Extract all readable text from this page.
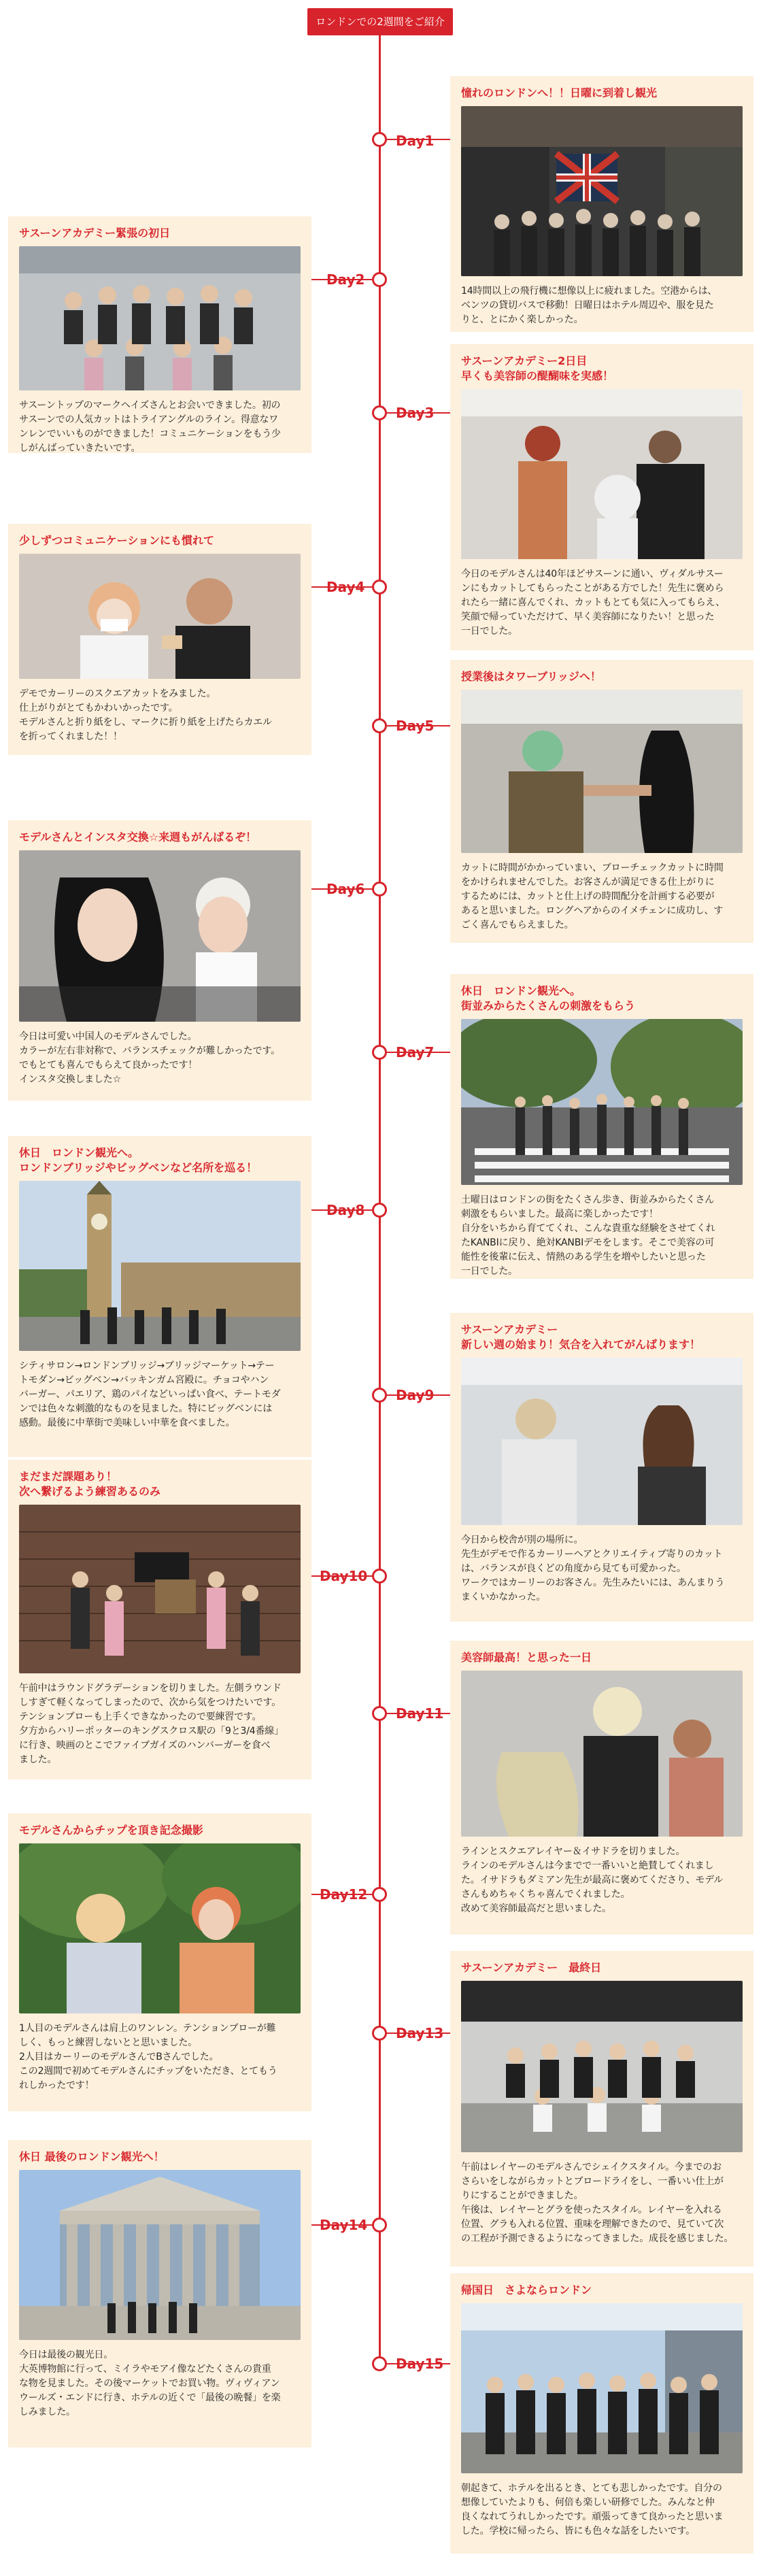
ロンドンでの2週間をご紹介
Day1
憧れのロンドンへ！！日曜に到着し観光
14時間以上の飛行機に想像以上に疲れました。空港からは、
ベンツの貸切バスで移動！日曜日はホテル周辺や、服を見た
りと、とにかく楽しかった。
Day2
サスーンアカデミー緊張の初日
サスーントップのマークヘイズさんとお会いできました。初の
サスーンでの人気カットはトライアングルのライン。得意なワ
ンレンでいいものができました！コミュニケーションをもう少
しがんばっていきたいです。
Day3
サスーンアカデミー2日目
早くも美容師の醍醐味を実感！
今日のモデルさんは40年ほどサスーンに通い、ヴィダルサスー
ンにもカットしてもらったことがある方でした！先生に褒めら
れたら一緒に喜んでくれ、カットもとても気に入ってもらえ、
笑顔で帰っていただけて、早く美容師になりたい！と思った
一日でした。
Day4
少しずつコミュニケーションにも慣れて
デモでカーリーのスクエアカットをみました。
仕上がりがとてもかわいかったです。
モデルさんと折り紙をし、マークに折り紙を上げたらカエル
を折ってくれました！！
Day5
授業後はタワーブリッジへ！
カットに時間がかかっていまい、ブローチェックカットに時間
をかけられませんでした。お客さんが満足できる仕上がりに
するためには、カットと仕上げの時間配分を計画する必要が
あると思いました。ロングヘアからのイメチェンに成功し、す
ごく喜んでもらえました。
Day6
モデルさんとインスタ交換☆来週もがんばるぞ！
今日は可愛い中国人のモデルさんでした。
カラーが左右非対称で、バランスチェックが難しかったです。
でもとても喜んでもらえて良かったです！
インスタ交換しました☆
Day7
休日　ロンドン観光へ。
街並みからたくさんの刺激をもらう
土曜日はロンドンの街をたくさん歩き、街並みからたくさん
刺激をもらいました。最高に楽しかったです！
自分をいちから育ててくれ、こんな貴重な経験をさせてくれ
たKANBIに戻り、絶対KANBIデモをします。そこで美容の可
能性を後輩に伝え、情熱のある学生を増やしたいと思った
一日でした。
Day8
休日　ロンドン観光へ。
ロンドンブリッジやビッグベンなど名所を巡る！
シティサロン→ロンドンブリッジ→ブリッジマーケット→テー
トモダン→ビッグベン→バッキンガム宮殿に。チョコやハン
バーガー、パエリア、鶏のパイなどいっぱい食べ、テートモダ
ンでは色々な刺激的なものを見ました。特にビッグベンには
感動。最後に中華街で美味しい中華を食べました。
Day9
サスーンアカデミー
新しい週の始まり！気合を入れてがんばります！
今日から校舎が別の場所に。
先生がデモで作るカーリーヘアとクリエイティブ寄りのカット
は、バランスが良くどの角度から見ても可愛かった。
ワークではカーリーのお客さん。先生みたいには、あんまりう
まくいかなかった。
Day10
まだまだ課題あり！
次へ繋げるよう練習あるのみ
午前中はラウンドグラデーションを切りました。左側ラウンド
しすぎて軽くなってしまったので、次から気をつけたいです。
テンションブローも上手くできなかったので要練習です。
夕方からハリーポッターのキングスクロス駅の「9と3/4番線」
に行き、映画のとこでファイブガイズのハンバーガーを食べ
ました。
Day11
美容師最高！と思った一日
ラインとスクエアレイヤー＆イサドラを切りました。
ラインのモデルさんは今までで一番いいと絶賛してくれまし
た。イサドラもダミアン先生が最高に褒めてくださり、モデル
さんもめちゃくちゃ喜んでくれました。
改めて美容師最高だと思いました。
Day12
モデルさんからチップを頂き記念撮影
1人目のモデルさんは肩上のワンレン。テンションブローが難
しく、もっと練習しないとと思いました。
2人目はカーリーのモデルさんでBさんでした。
この2週間で初めてモデルさんにチップをいただき、とてもう
れしかったです！
Day13
サスーンアカデミー　最終日
午前はレイヤーのモデルさんでシェイクスタイル。今までのお
さらいをしながらカットとブロードライをし、一番いい仕上が
りにすることができました。
午後は、レイヤーとグラを使ったスタイル。レイヤーを入れる
位置、グラも入れる位置、重味を理解できたので、見ていて次
の工程が予測できるようになってきました。成長を感じました。
Day14
休日 最後のロンドン観光へ！
今日は最後の観光日。
大英博物館に行って、ミイラやモアイ像などたくさんの貴重
な物を見ました。その後マーケットでお買い物。ヴィヴィアン
ウールズ・エンドに行き、ホテルの近くで「最後の晩餐」を楽
しみました。
Day15
帰国日　さよならロンドン
朝起きて、ホテルを出るとき、とても悲しかったです。自分の
想像していたよりも、何倍も楽しい研修でした。みんなと仲
良くなれてうれしかったです。頑張ってきて良かったと思いま
した。学校に帰ったら、皆にも色々な話をしたいです。
